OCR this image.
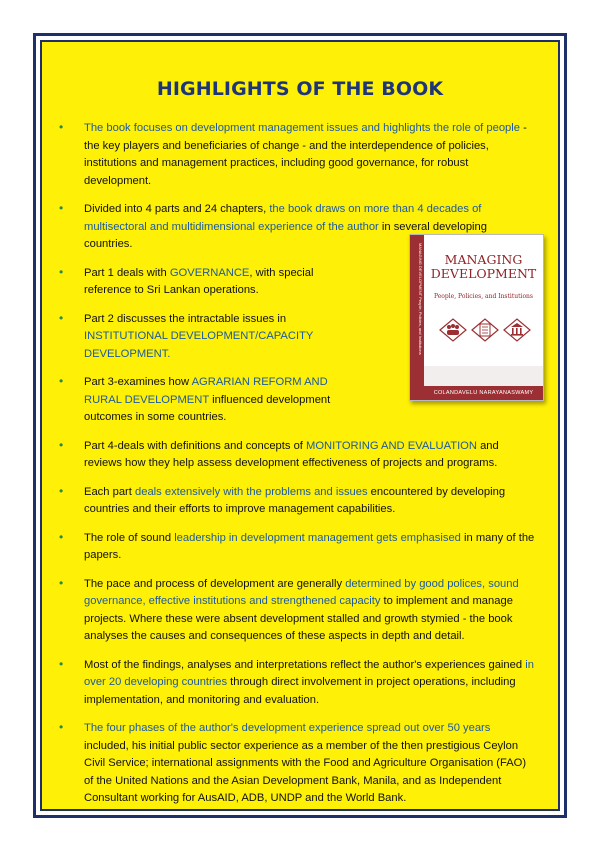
HIGHLIGHTS OF THE BOOK
• The book focuses on development management issues and highlights the role of people - the key players and beneficiaries of change - and the interdependence of policies, institutions and management practices, including good governance, for robust development.
• Divided into 4 parts and 24 chapters, the book draws on more than 4 decades of multisectoral and multidimensional experience of the author in several developing countries.
• Part 1 deals with GOVERNANCE, with special reference to Sri Lankan operations.
• Part 2 discusses the intractable issues in INSTITUTIONAL DEVELOPMENT/CAPACITY DEVELOPMENT.
• Part 3-examines how AGRARIAN REFORM AND RURAL DEVELOPMENT influenced development outcomes in some countries.
• Part 4-deals with definitions and concepts of MONITORING AND EVALUATION and reviews how they help assess development effectiveness of projects and programs.
• Each part deals extensively with the problems and issues encountered by developing countries and their efforts to improve management capabilities.
• The role of sound leadership in development management gets emphasised in many of the papers.
• The pace and process of development are generally determined by good polices, sound governance, effective institutions and strengthened capacity to implement and manage projects. Where these were absent development stalled and growth stymied - the book analyses the causes and consequences of these aspects in depth and detail.
• Most of the findings, analyses and interpretations reflect the author's experiences gained in over 20 developing countries through direct involvement in project operations, including implementation, and monitoring and evaluation.
• The four phases of the author's development experience spread out over 50 years included, his initial public sector experience as a member of the then prestigious Ceylon Civil Service; international assignments with the Food and Agriculture Organisation (FAO) of the United Nations and the Asian Development Bank, Manila, and as Independent Consultant working for AusAID, ADB, UNDP and the World Bank.
MANAGING DEVELOPMENT People, Policies, and Institutions	MANAGING
DEVELOPMENT
People, Policies, and Institutions
COLANDAVELU NARAYANASWAMY
